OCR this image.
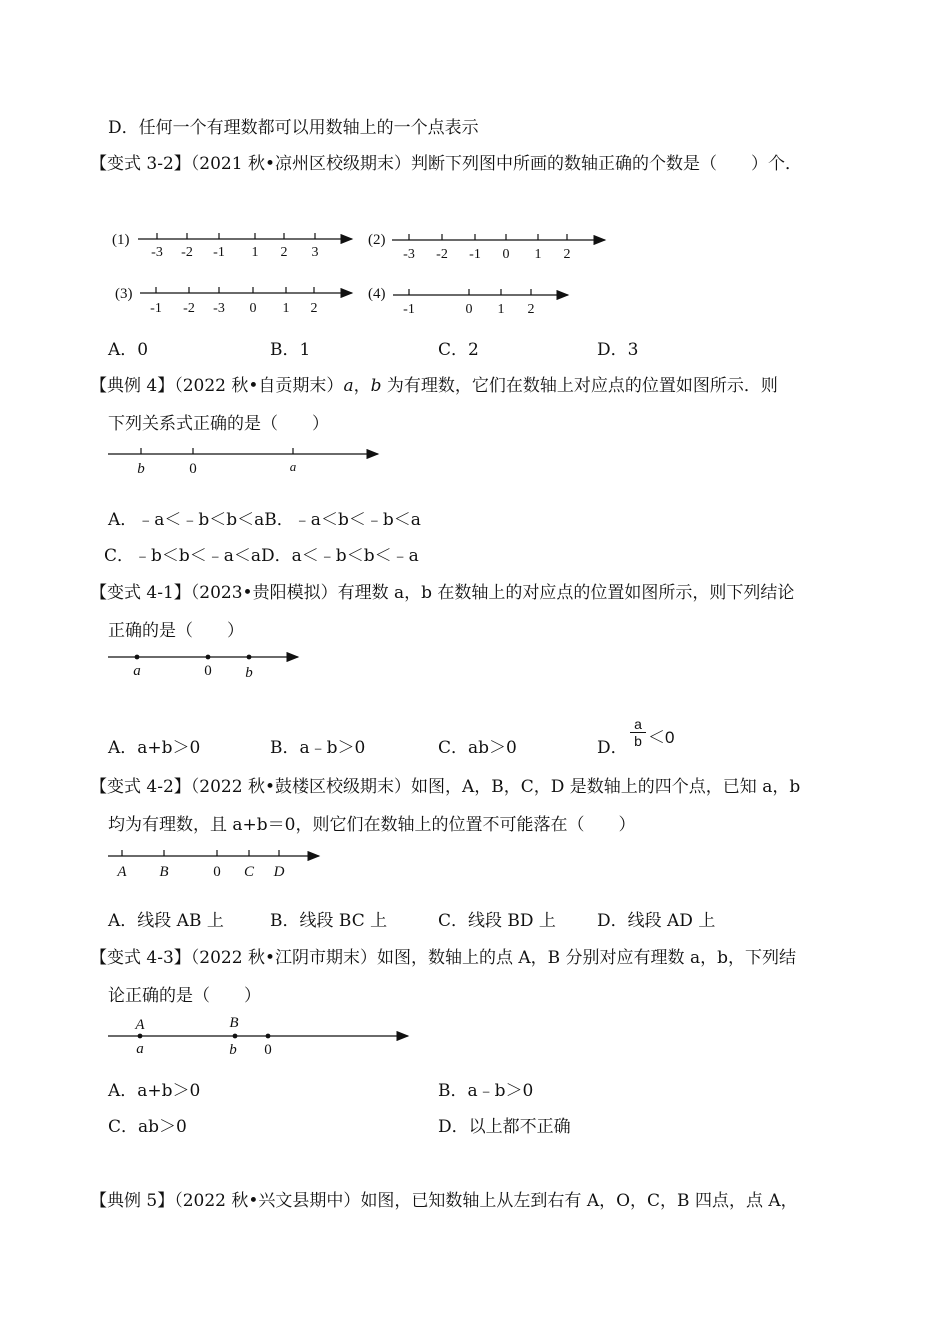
D．任何一个有理数都可以用数轴上的一个点表示
【变式 3-2】（2021 秋•凉州区校级期末）判断下列图中所画的数轴正确的个数是（　　）个．
(1)
-3 -2 -1 1 2 3
(2)
-3 -2 -1 0 1 2
(3)
-1 -2 -3 0 1 2
(4)
-1	0 1 2
b	0	a
a	0 b
A B	0 C D
A	B
a	b 0
A．0	B．1	C．2	D．3
【典例 4】（2022 秋•自贡期末）a，b 为有理数，它们在数轴上对应点的位置如图所示．则
下列关系式正确的是（　　）
A．﹣a＜﹣b＜b＜aB．﹣a＜b＜﹣b＜a
C．﹣b＜b＜﹣a＜aD．a＜﹣b＜b＜﹣a
【变式 4-1】（2023•贵阳模拟）有理数 a，b 在数轴上的对应点的位置如图所示，则下列结论
正确的是（　　）
A．a+b＞0	B．a﹣b＞0	C．ab＞0	D．
a
b ＜0
【变式 4-2】（2022 秋•鼓楼区校级期末）如图，A，B，C，D 是数轴上的四个点，已知 a，b
均为有理数，且 a+b＝0，则它们在数轴上的位置不可能落在（　　）
A．线段 AB 上	B．线段 BC 上	C．线段 BD 上 D．线段 AD 上
【变式 4-3】（2022 秋•江阴市期末）如图，数轴上的点 A，B 分别对应有理数 a，b，下列结
论正确的是（　　）
A．a+b＞0	B．a﹣b＞0
C．ab＞0	D．以上都不正确
【典例 5】（2022 秋•兴文县期中）如图，已知数轴上从左到右有 A，O，C，B 四点，点 A，
